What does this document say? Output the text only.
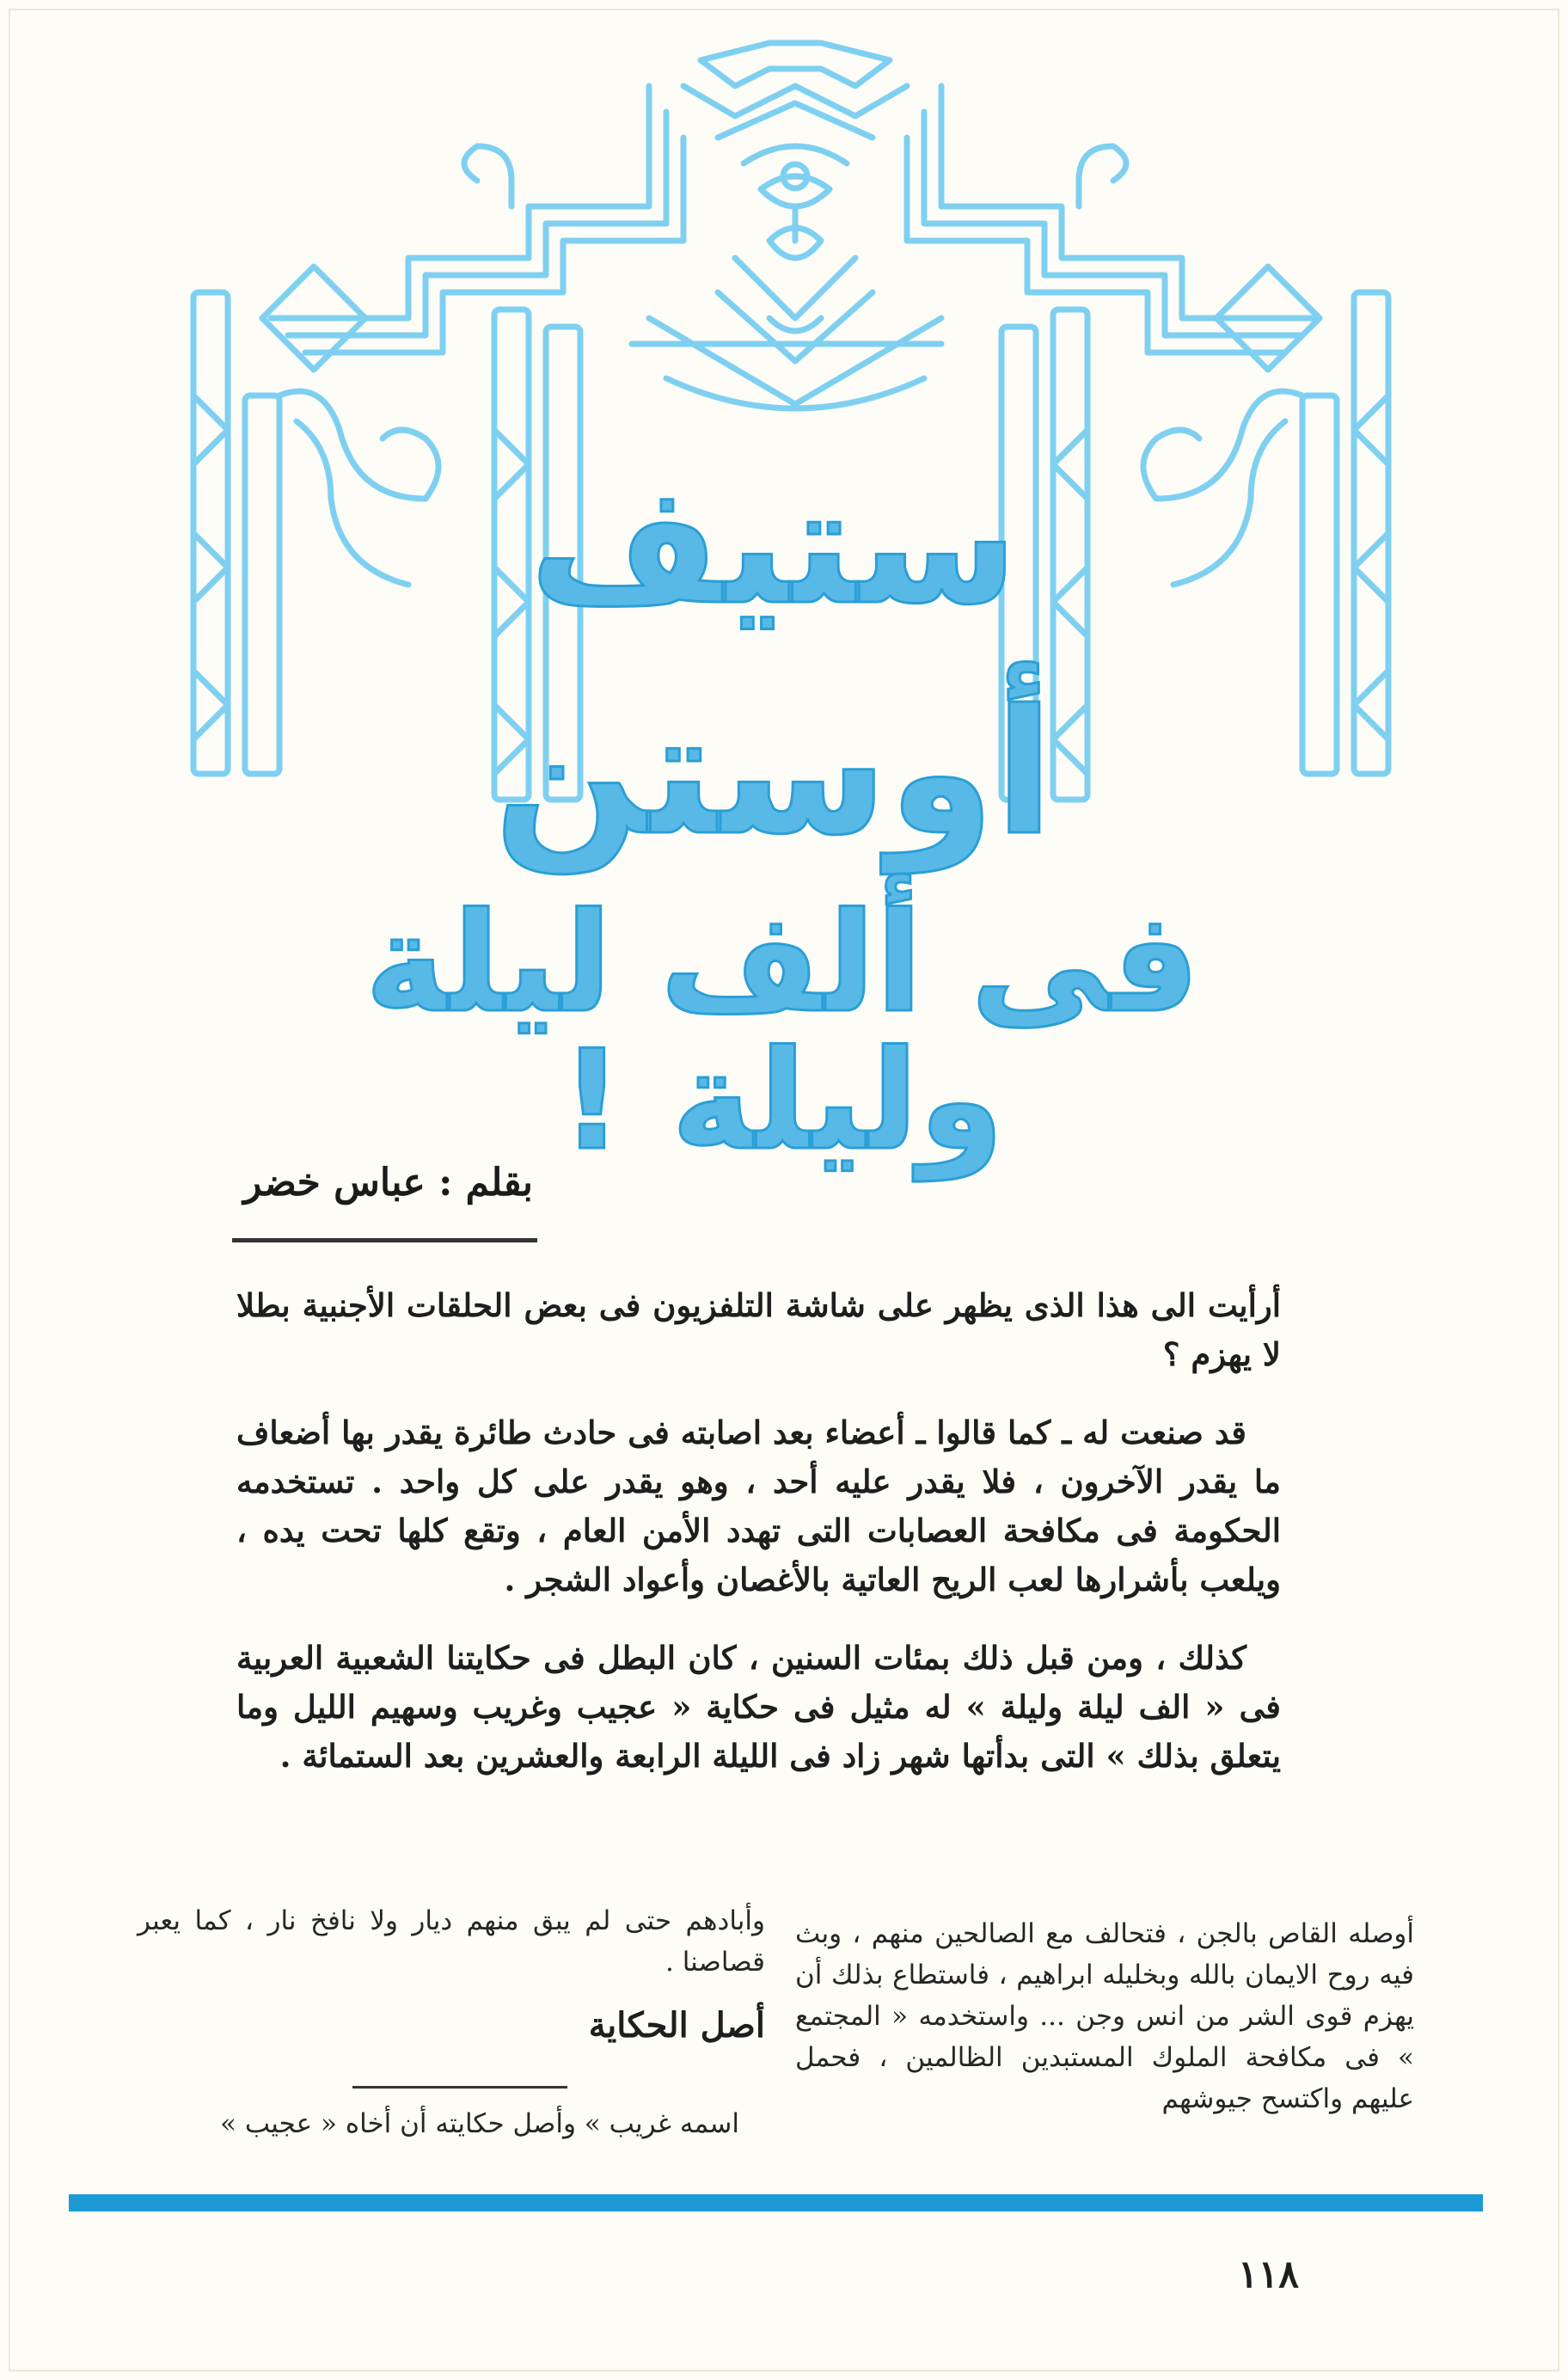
ستيف
أوستن
فى ألف ليلة وليلة !
بقلم : عباس خضر

أرأيت الى هذا الذى يظهر على شاشة التلفزيون فى بعض الحلقات الأجنبية بطلا لا يهزم ؟

قد صنعت له ـ كما قالوا ـ أعضاء بعد اصابته فى حادث طائرة يقدر بها أضعاف ما يقدر الآخرون ، فلا يقدر عليه أحد ، وهو يقدر على كل واحد . تستخدمه الحكومة فى مكافحة العصابات التى تهدد الأمن العام ، وتقع كلها تحت يده ، ويلعب بأشرارها لعب الريح العاتية بالأغصان وأعواد الشجر .

كذلك ، ومن قبل ذلك بمئات السنين ، كان البطل فى حكايتنا الشعبية العربية فى « الف ليلة وليلة » له مثيل فى حكاية « عجيب وغريب وسهيم الليل وما يتعلق بذلك » التى بدأتها شهر زاد فى الليلة الرابعة والعشرين بعد الستمائة .

أوصله القاص بالجن ، فتحالف مع الصالحين منهم ، وبث فيه روح الايمان بالله وبخليله ابراهيم ، فاستطاع بذلك أن يهزم قوى الشر من انس وجن ... واستخدمه « المجتمع » فى مكافحة الملوك المستبدين الظالمين ، فحمل عليهم واكتسح جيوشهم

وأبادهم حتى لم يبق منهم ديار ولا نافخ نار ، كما يعبر قصاصنا .

أصل الحكاية
اسمه غريب » وأصل حكايته أن أخاه « عجيب »
١١٨
